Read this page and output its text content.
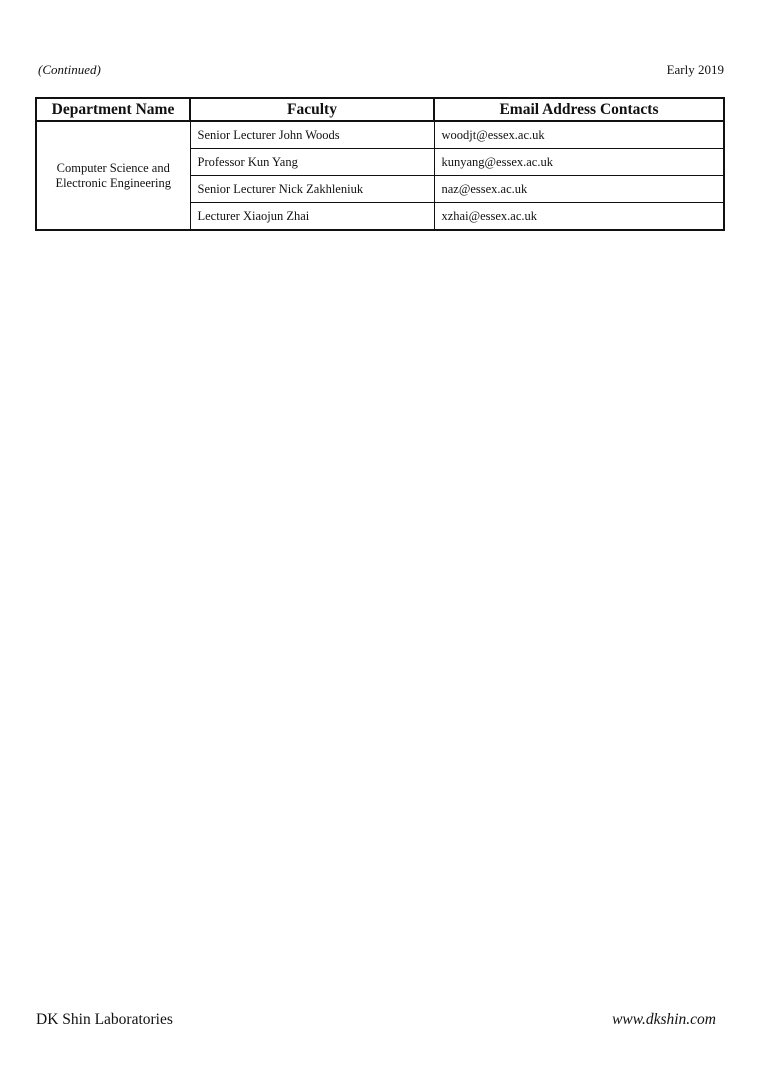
(Continued)	Early 2019
Department Name	Faculty	Email Address Contacts
Computer Science and
Electronic Engineering	Senior Lecturer John Woods	woodjt@essex.ac.uk
	Professor Kun Yang	kunyang@essex.ac.uk
	Senior Lecturer Nick Zakhleniuk	naz@essex.ac.uk
	Lecturer Xiaojun Zhai	xzhai@essex.ac.uk
DK Shin Laboratories	www.dkshin.com
